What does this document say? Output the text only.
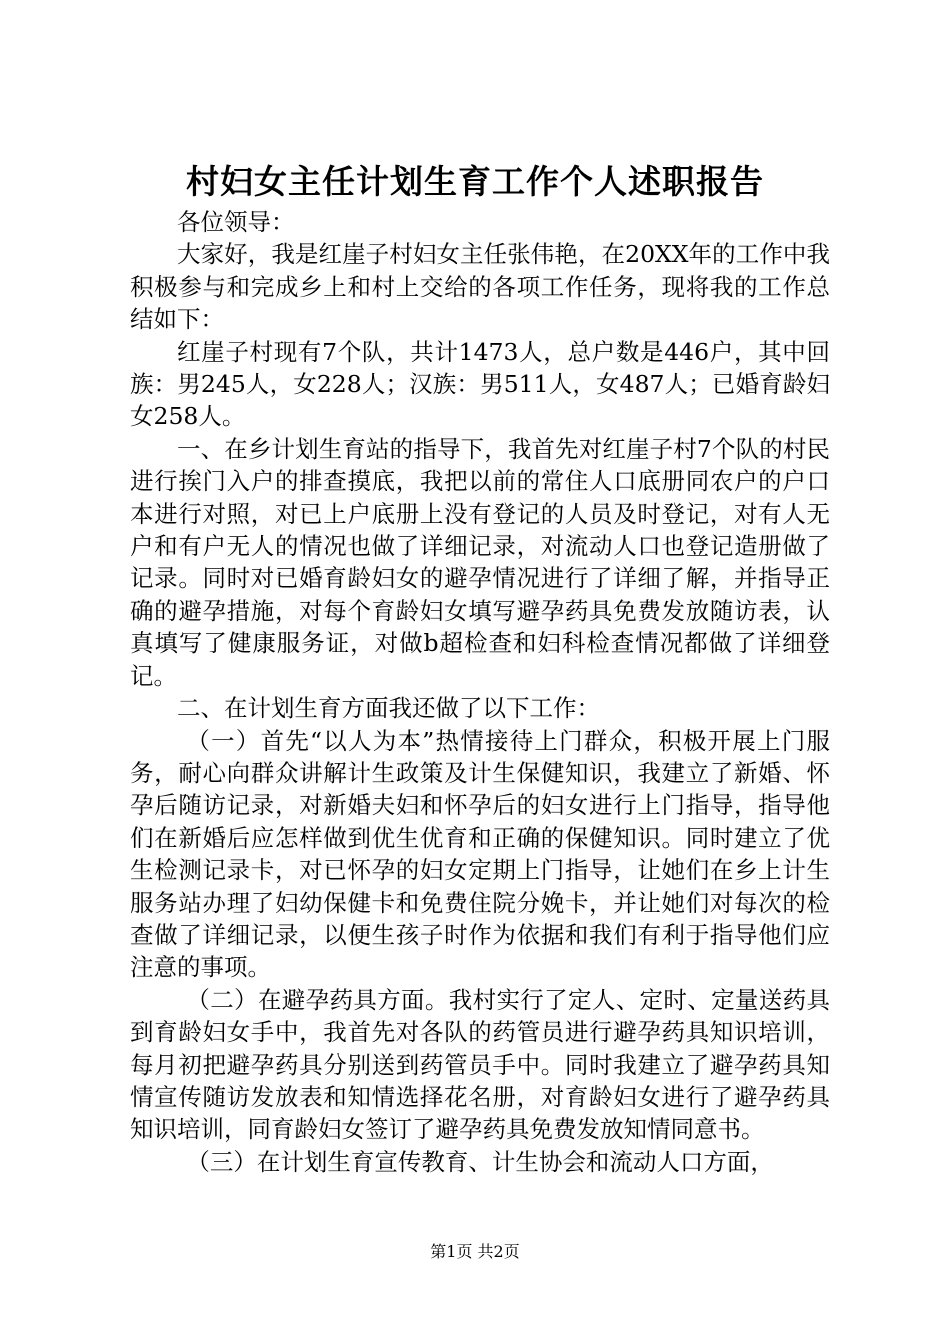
村妇女主任计划生育工作个人述职报告

各位领导：

大家好，我是红崖子村妇女主任张伟艳，在20XX年的工作中我积极参与和完成乡上和村上交给的各项工作任务，现将我的工作总结如下：

红崖子村现有7个队，共计1473人，总户数是446户，其中回族：男245人，女228人；汉族：男511人，女487人；已婚育龄妇女258人。

一、在乡计划生育站的指导下，我首先对红崖子村7个队的村民进行挨门入户的排查摸底，我把以前的常住人口底册同农户的户口本进行对照，对已上户底册上没有登记的人员及时登记，对有人无户和有户无人的情况也做了详细记录，对流动人口也登记造册做了记录。同时对已婚育龄妇女的避孕情况进行了详细了解，并指导正确的避孕措施，对每个育龄妇女填写避孕药具免费发放随访表，认真填写了健康服务证，对做b超检查和妇科检查情况都做了详细登记。

二、在计划生育方面我还做了以下工作：

（一）首先“以人为本”热情接待上门群众，积极开展上门服务，耐心向群众讲解计生政策及计生保健知识，我建立了新婚、怀孕后随访记录，对新婚夫妇和怀孕后的妇女进行上门指导，指导他们在新婚后应怎样做到优生优育和正确的保健知识。同时建立了优生检测记录卡，对已怀孕的妇女定期上门指导，让她们在乡上计生服务站办理了妇幼保健卡和免费住院分娩卡，并让她们对每次的检查做了详细记录，以便生孩子时作为依据和我们有利于指导他们应注意的事项。

（二）在避孕药具方面。我村实行了定人、定时、定量送药具到育龄妇女手中，我首先对各队的药管员进行避孕药具知识培训，每月初把避孕药具分别送到药管员手中。同时我建立了避孕药具知情宣传随访发放表和知情选择花名册，对育龄妇女进行了避孕药具知识培训，同育龄妇女签订了避孕药具免费发放知情同意书。

（三）在计划生育宣传教育、计生协会和流动人口方面，

第1页 共2页
